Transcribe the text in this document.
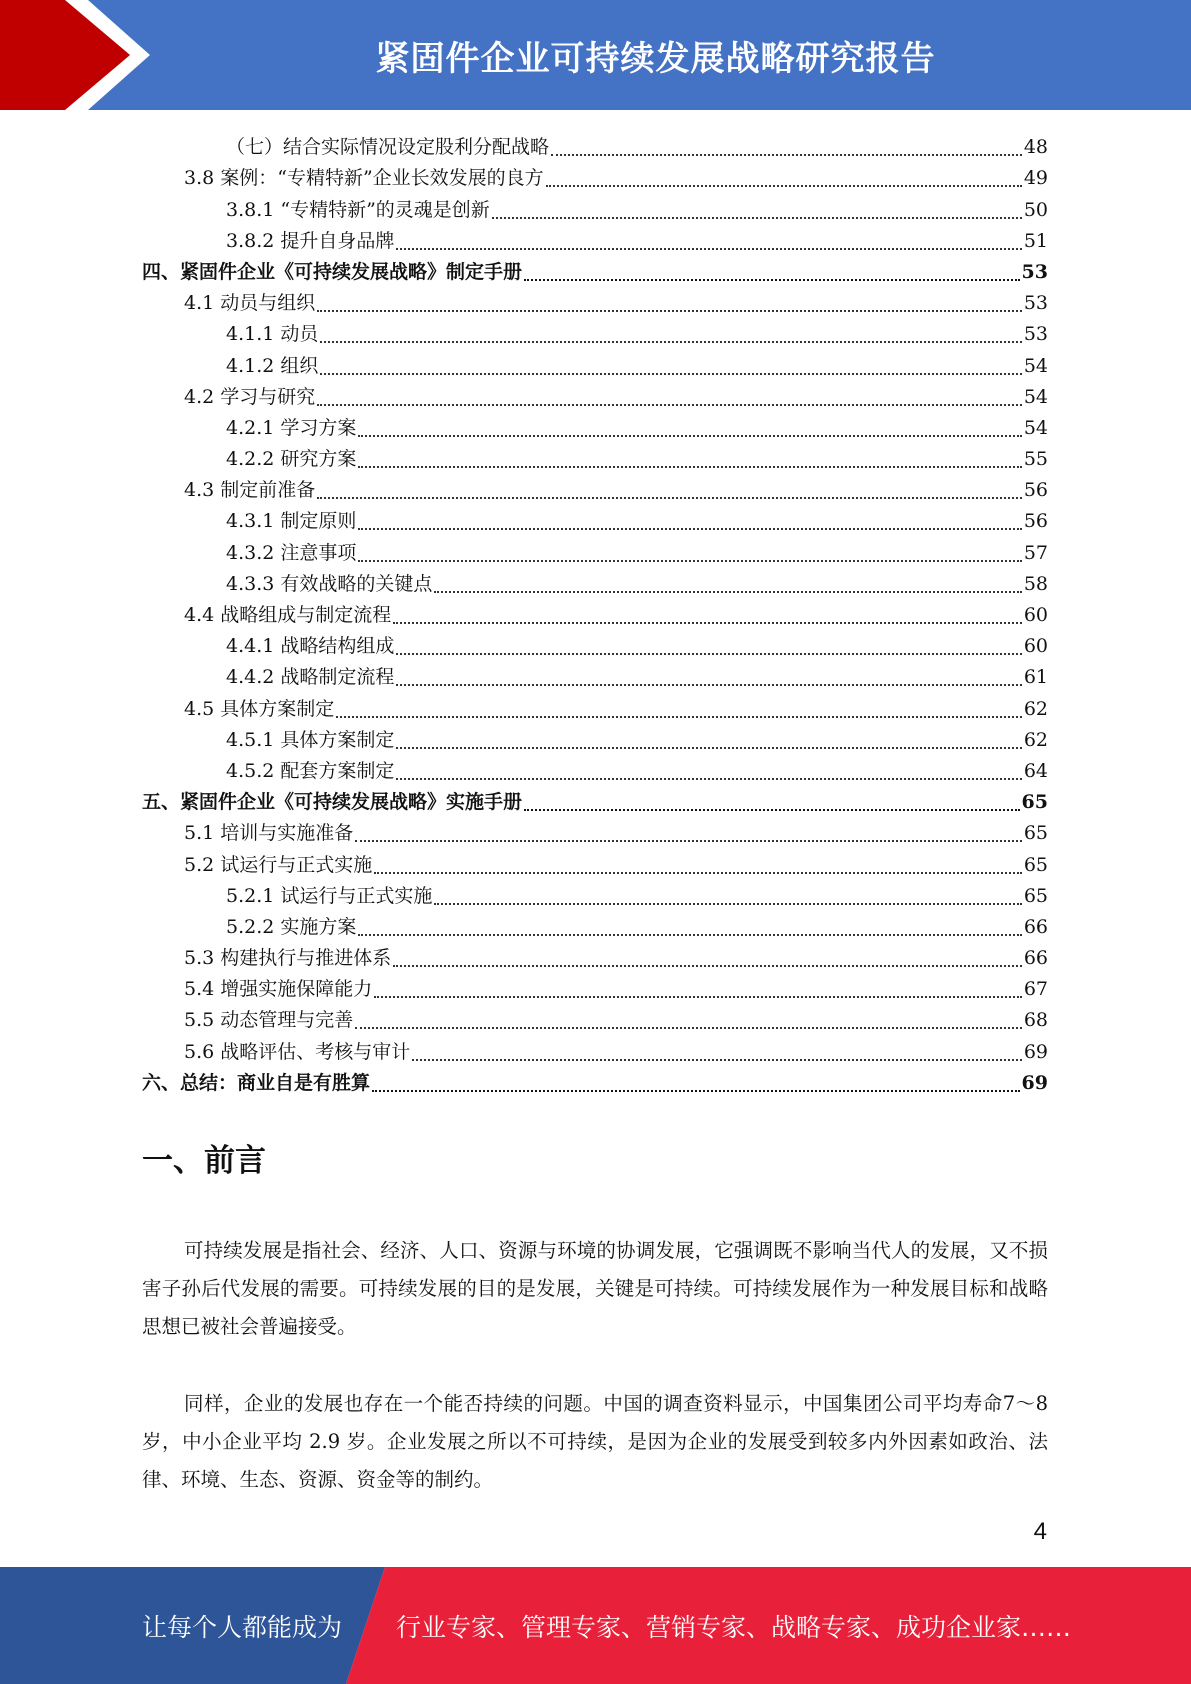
紧固件企业可持续发展战略研究报告
（七）结合实际情况设定股利分配战略	48
3.8 案例：“专精特新”企业长效发展的良方	49
3.8.1 “专精特新”的灵魂是创新	50
3.8.2 提升自身品牌	51
四、紧固件企业《可持续发展战略》制定手册	53
4.1 动员与组织	53
4.1.1 动员	53
4.1.2 组织	54
4.2 学习与研究	54
4.2.1 学习方案	54
4.2.2 研究方案	55
4.3 制定前准备	56
4.3.1 制定原则	56
4.3.2 注意事项	57
4.3.3 有效战略的关键点	58
4.4 战略组成与制定流程	60
4.4.1 战略结构组成	60
4.4.2 战略制定流程	61
4.5 具体方案制定	62
4.5.1 具体方案制定	62
4.5.2 配套方案制定	64
五、紧固件企业《可持续发展战略》实施手册	65
5.1 培训与实施准备	65
5.2 试运行与正式实施	65
5.2.1 试运行与正式实施	65
5.2.2 实施方案	66
5.3 构建执行与推进体系	66
5.4 增强实施保障能力	67
5.5 动态管理与完善	68
5.6 战略评估、考核与审计	69
六、总结：商业自是有胜算	69
一、前言
可持续发展是指社会、经济、人口、资源与环境的协调发展，它强调既不影响当代人的发展，又不损害子孙后代发展的需要。可持续发展的目的是发展，关键是可持续。可持续发展作为一种发展目标和战略思想已被社会普遍接受。
同样，企业的发展也存在一个能否持续的问题。中国的调查资料显示，中国集团公司平均寿命7～8 岁，中小企业平均 2.9 岁。企业发展之所以不可持续，是因为企业的发展受到较多内外因素如政治、法律、环境、生态、资源、资金等的制约。
4
让每个人都能成为 行业专家、管理专家、营销专家、战略专家、成功企业家……
